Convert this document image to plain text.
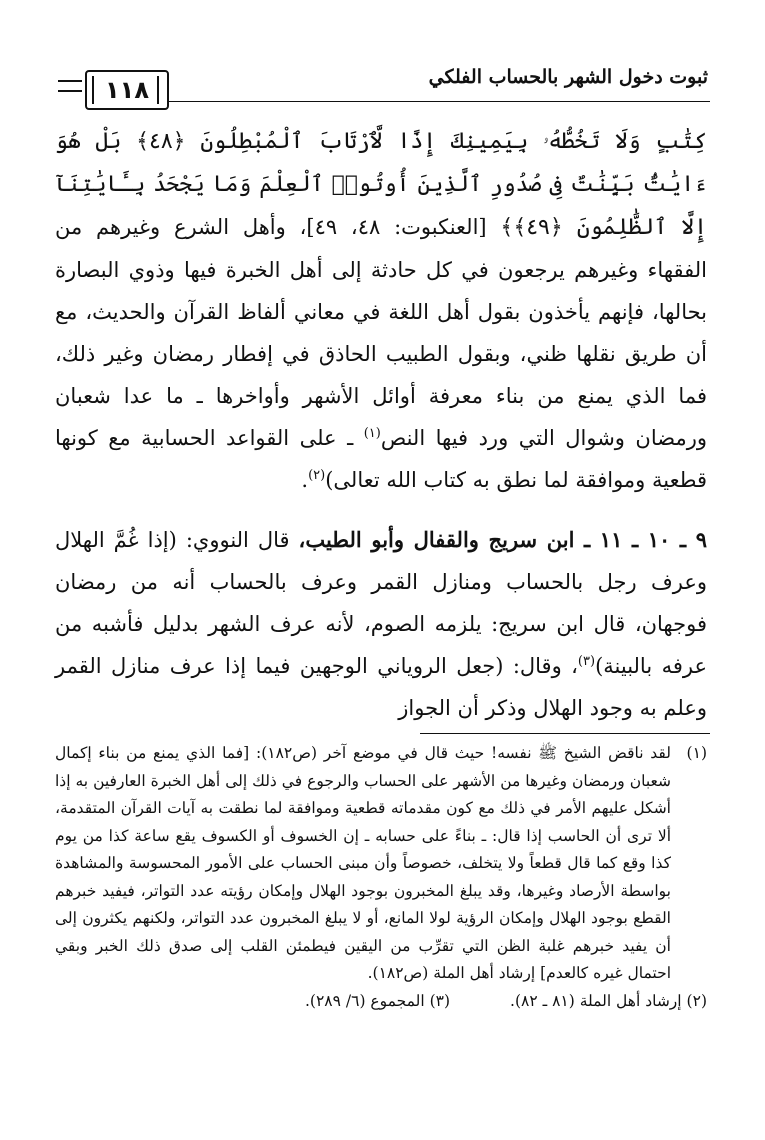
١١٨	ثبوت دخول الشهر بالحساب الفلكي
كِتَٰبٍ وَلَا تَخُطُّهُۥ بِيَمِينِكَ إِذًا لَّٱرْتَابَ ٱلْمُبْطِلُونَ ﴿٤٨﴾ بَلْ هُوَ ءَايَٰتٌۢ بَيِّنَٰتٌ فِى صُدُورِ ٱلَّذِينَ أُوتُوا۟ ٱلْعِلْمَ وَمَا يَجْحَدُ بِـَٔايَٰتِنَآ إِلَّا ٱلظَّٰلِمُونَ ﴿٤٩﴾﴾ [العنكبوت: ٤٨، ٤٩]، وأهل الشرع وغيرهم من الفقهاء وغيرهم يرجعون في كل حادثة إلى أهل الخبرة فيها وذوي البصارة بحالها، فإنهم يأخذون بقول أهل اللغة في معاني ألفاظ القرآن والحديث، مع أن طريق نقلها ظني، وبقول الطبيب الحاذق في إفطار رمضان وغير ذلك، فما الذي يمنع من بناء معرفة أوائل الأشهر وأواخرها ـ ما عدا شعبان ورمضان وشوال التي ورد فيها النص$^{(١)}$ ـ على القواعد الحسابية مع كونها قطعية وموافقة لما نطق به كتاب الله تعالى)$^{(٢)}$.
٩ ـ ١٠ ـ ١١ ـ ابن سريج والقفال وأبو الطيب، قال النووي: (إذا غُمَّ الهلال وعرف رجل بالحساب ومنازل القمر وعرف بالحساب أنه من رمضان فوجهان، قال ابن سريج: يلزمه الصوم، لأنه عرف الشهر بدليل فأشبه من عرفه بالبينة)$^{(٣)}$، وقال: (جعل الروياني الوجهين فيما إذا عرف منازل القمر وعلم به وجود الهلال وذكر أن الجواز
(١)
لقد ناقض الشيخ ﷺ نفسه! حيث قال في موضع آخر (ص١٨٢): [فما الذي يمنع من بناء إكمال شعبان ورمضان وغيرها من الأشهر على الحساب والرجوع في ذلك إلى أهل الخبرة العارفين به إذا أشكل عليهم الأمر في ذلك مع كون مقدماته قطعية وموافقة لما نطقت به آيات القرآن المتقدمة، ألا ترى أن الحاسب إذا قال: ـ بناءً على حسابه ـ إن الخسوف أو الكسوف يقع ساعة كذا من يوم كذا وقع كما قال قطعاً ولا يتخلف، خصوصاً وأن مبنى الحساب على الأمور المحسوسة والمشاهدة بواسطة الأرصاد وغيرها، وقد يبلغ المخبرون بوجود الهلال وإمكان رؤيته عدد التواتر، فيفيد خبرهم القطع بوجود الهلال وإمكان الرؤية لولا المانع، أو لا يبلغ المخبرون عدد التواتر، ولكنهم يكثرون إلى أن يفيد خبرهم غلبة الظن التي تقرِّب من اليقين فيطمئن القلب إلى صدق ذلك الخبر وبقي احتمال غيره كالعدم] إرشاد أهل الملة (ص١٨٢).
(٢) إرشاد أهل الملة (٨١ ـ ٨٢).
(٣) المجموع (٦/ ٢٨٩).
